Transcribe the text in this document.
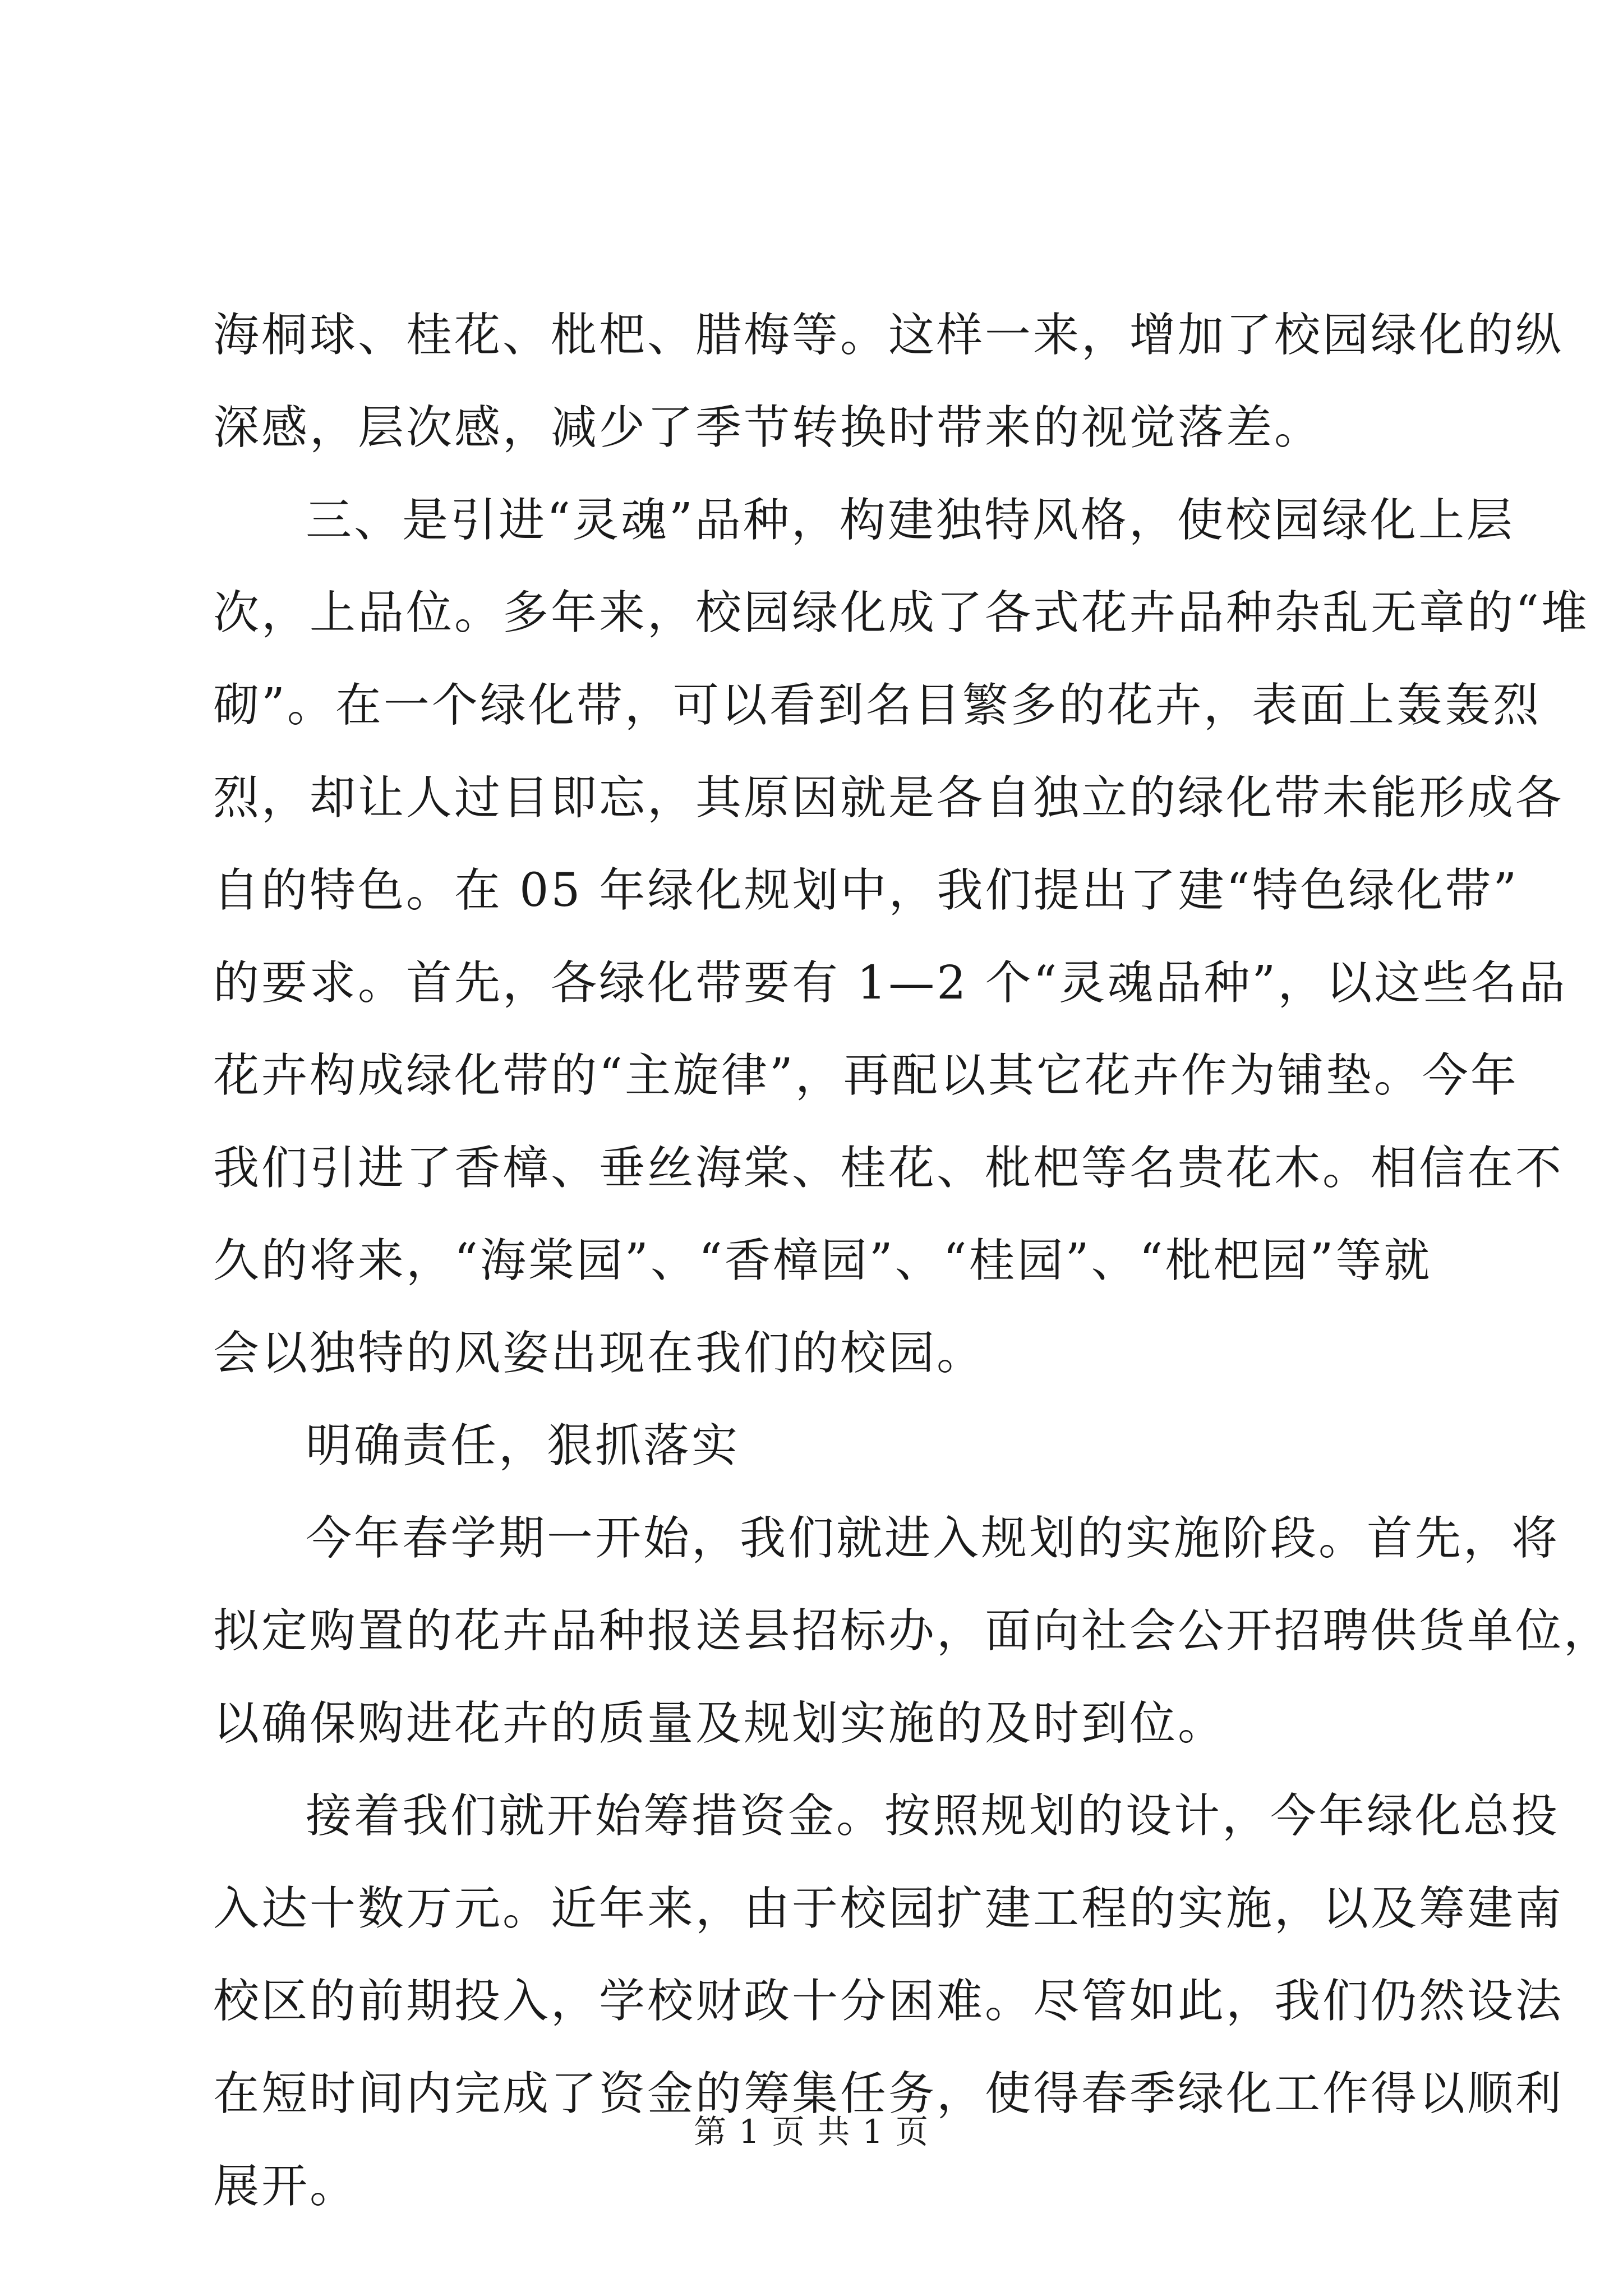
海桐球、桂花、枇杷、腊梅等。这样一来，增加了校园绿化的纵
深感，层次感，减少了季节转换时带来的视觉落差。
三、是引进“灵魂”品种，构建独特风格，使校园绿化上层
次，上品位。多年来，校园绿化成了各式花卉品种杂乱无章的“堆
砌”。在一个绿化带，可以看到名目繁多的花卉，表面上轰轰烈
烈，却让人过目即忘，其原因就是各自独立的绿化带未能形成各
自的特色。在 05 年绿化规划中，我们提出了建“特色绿化带”
的要求。首先，各绿化带要有 1—2 个“灵魂品种”，以这些名品
花卉构成绿化带的“主旋律”，再配以其它花卉作为铺垫。今年
我们引进了香樟、垂丝海棠、桂花、枇杷等名贵花木。相信在不
久的将来，“海棠园”、“香樟园”、“桂园”、“枇杷园”等就
会以独特的风姿出现在我们的校园。
明确责任，狠抓落实
今年春学期一开始，我们就进入规划的实施阶段。首先，将
拟定购置的花卉品种报送县招标办，面向社会公开招聘供货单位，
以确保购进花卉的质量及规划实施的及时到位。
接着我们就开始筹措资金。按照规划的设计，今年绿化总投
入达十数万元。近年来，由于校园扩建工程的实施，以及筹建南
校区的前期投入，学校财政十分困难。尽管如此，我们仍然设法
在短时间内完成了资金的筹集任务，使得春季绿化工作得以顺利
展开。
第 1 页 共 1 页
